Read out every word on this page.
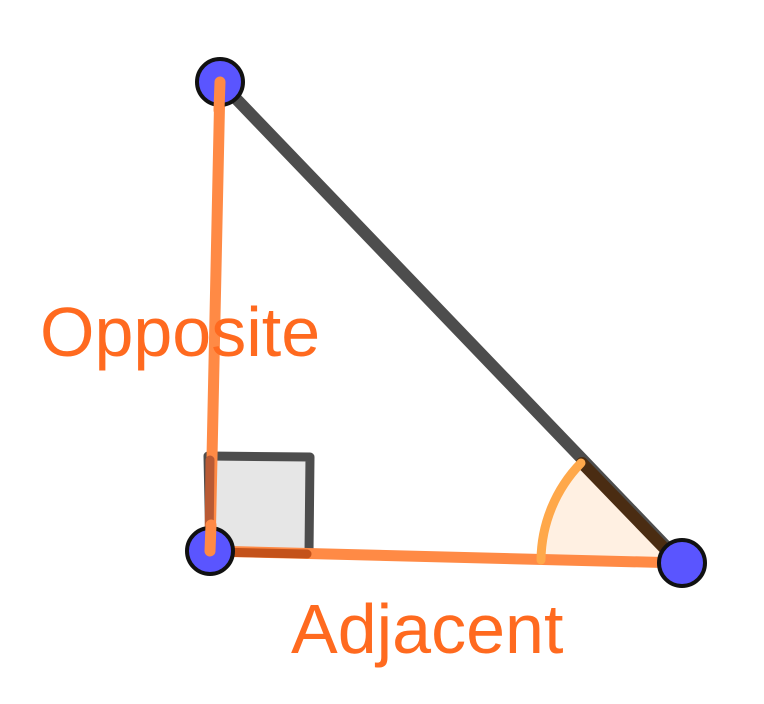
Opposite
Adjacent
